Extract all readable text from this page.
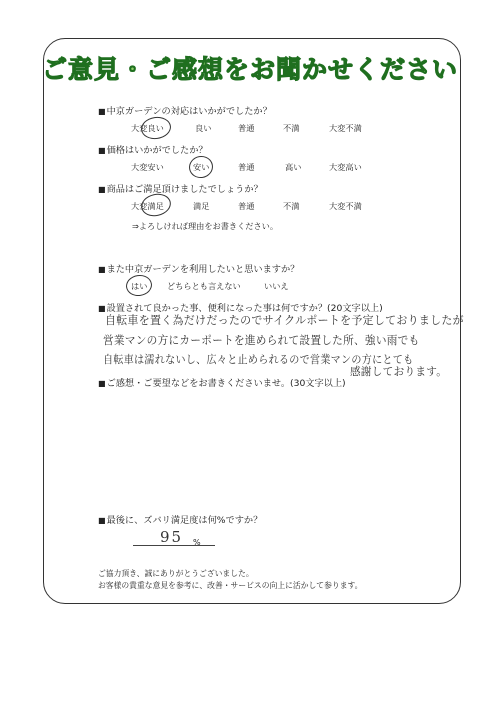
ご意見・ご感想をお聞かせください
■ 中京ガーデンの対応はいかがでしたか？
大変良い	良い	普通	不満	大変不満
■ 価格はいかがでしたか？
大変安い	安い	普通	高い	大変高い
■ 商品はご満足頂けましたでしょうか？
大変満足	満足	普通	不満	大変不満
⇒よろしければ理由をお書きください。
■ また中京ガーデンを利用したいと思いますか？
はい どちらとも言えない	いいえ
■ 設置されて良かった事、便利になった事は何ですか？(20文字以上)
自転車を置く為だけだったのでサイクルポートを予定しておりましたが
営業マンの方にカーポートを進められて設置した所、強い雨でも
自転車は濡れないし、広々と止められるので営業マンの方にとても
感謝しております。
■ ご感想・ご要望などをお書きくださいませ。(30文字以上)
■ 最後に、ズバリ満足度は何%ですか？
95 %
ご協力頂き、誠にありがとうございました。
お客様の貴重な意見を参考に、改善・サービスの向上に活かして参ります。
